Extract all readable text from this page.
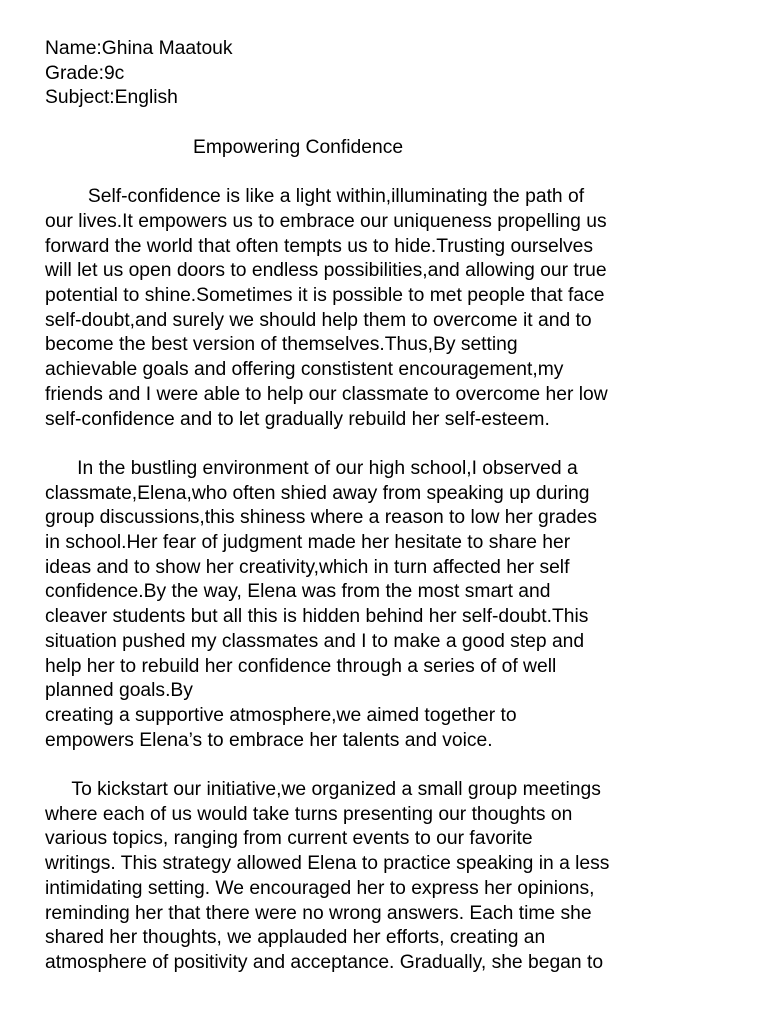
Name:Ghina Maatouk
Grade:9c
Subject:English
Empowering Confidence
Self-confidence is like a light within,illuminating the path of
our lives.It empowers us to embrace our uniqueness propelling us
forward the world that often tempts us to hide.Trusting ourselves
will let us open doors to endless possibilities,and allowing our true
potential to shine.Sometimes it is possible to met people that face
self-doubt,and surely we should help them to overcome it and to
become the best version of themselves.Thus,By setting
achievable goals and offering constistent encouragement,my
friends and I were able to help our classmate to overcome her low
self-confidence and to let gradually rebuild her self-esteem.
In the bustling environment of our high school,I observed a
classmate,Elena,who often shied away from speaking up during
group discussions,this shiness where a reason to low her grades
in school.Her fear of judgment made her hesitate to share her
ideas and to show her creativity,which in turn affected her self
confidence.By the way, Elena was from the most smart and
cleaver students but all this is hidden behind her self-doubt.This
situation pushed my classmates and I to make a good step and
help her to rebuild her confidence through a series of of well
planned goals.By
creating a supportive atmosphere,we aimed together to
empowers Elena’s to embrace her talents and voice.
To kickstart our initiative,we organized a small group meetings
where each of us would take turns presenting our thoughts on
various topics, ranging from current events to our favorite
writings. This strategy allowed Elena to practice speaking in a less
intimidating setting. We encouraged her to express her opinions,
reminding her that there were no wrong answers. Each time she
shared her thoughts, we applauded her efforts, creating an
atmosphere of positivity and acceptance. Gradually, she began to
